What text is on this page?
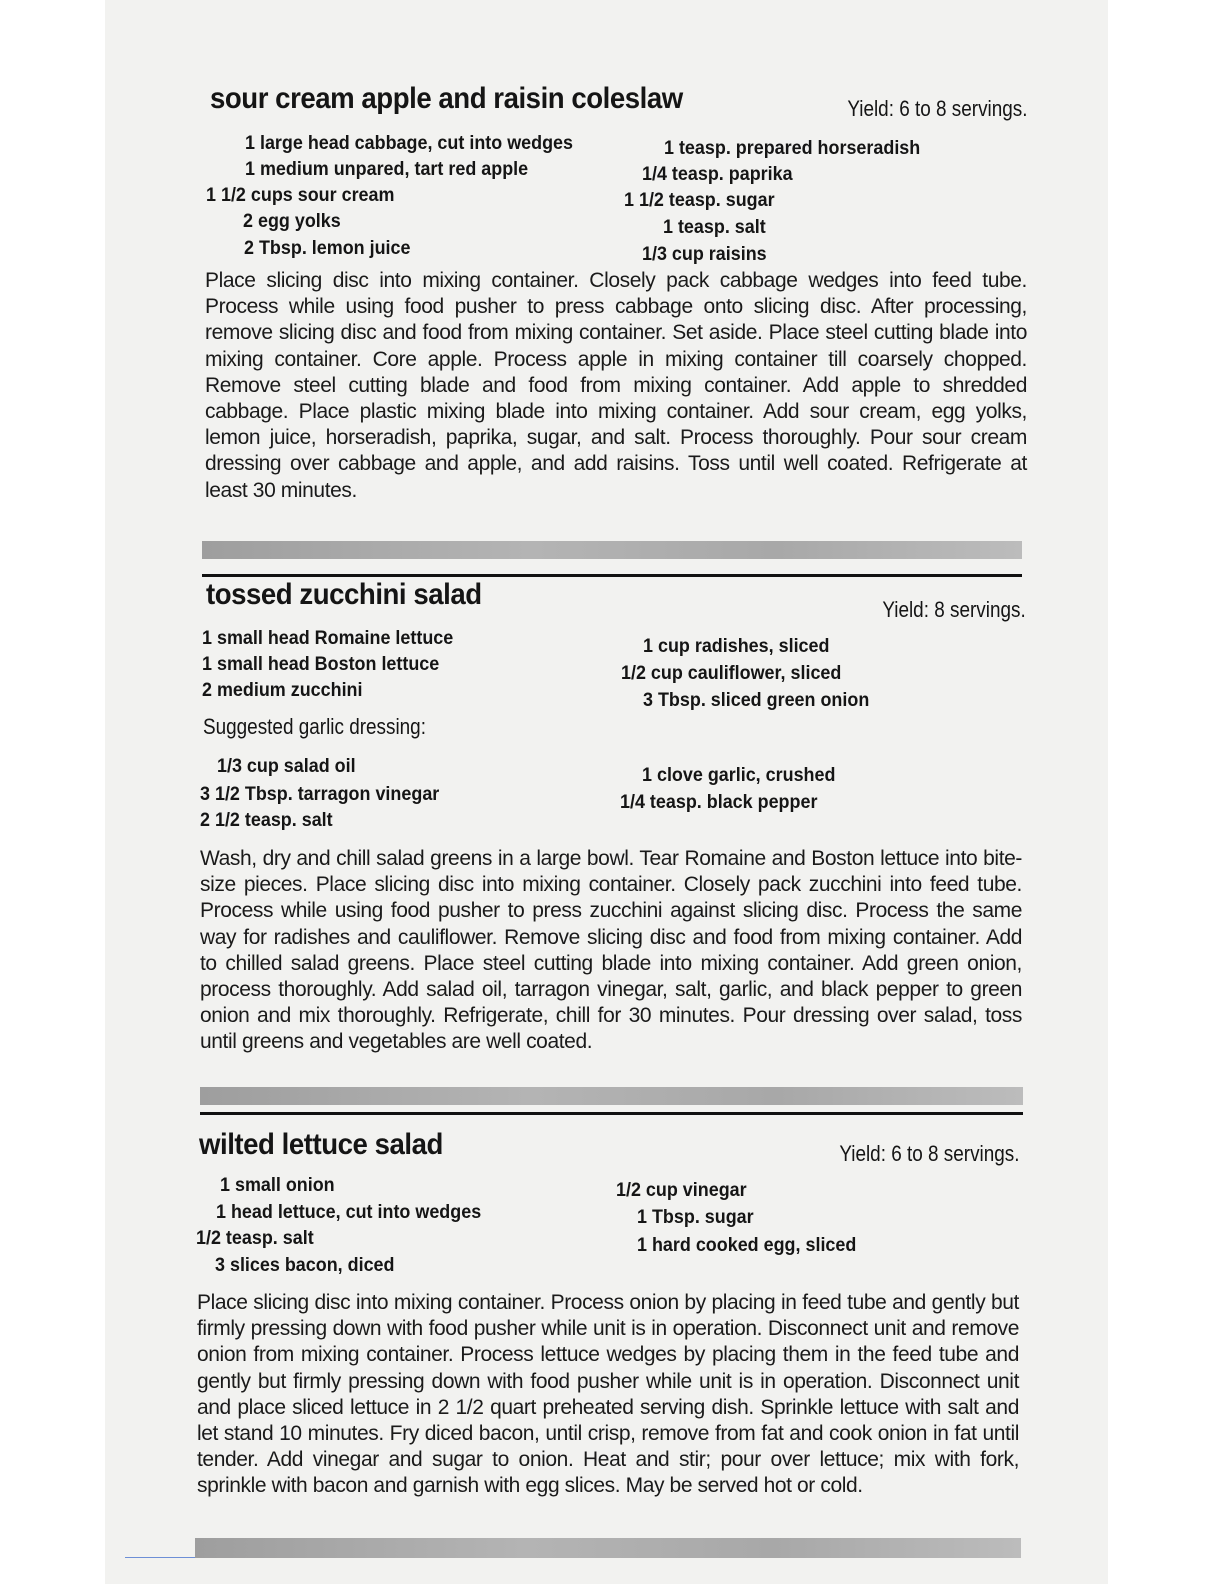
sour cream apple and raisin coleslaw	Yield: 6 to 8 servings.
1 large head cabbage, cut into wedges
1 medium unpared, tart red apple
1 1/2 cups sour cream
2 egg yolks
2 Tbsp. lemon juice
1 teasp. prepared horseradish
1/4 teasp. paprika
1 1/2 teasp. sugar
1 teasp. salt
1/3 cup raisins

Place slicing disc into mixing container. Closely pack cabbage wedges into feed tube. Process while using food pusher to press cabbage onto slicing disc. After processing, remove slicing disc and food from mixing container. Set aside. Place steel cutting blade into mixing container. Core apple. Process apple in mixing container till coarsely chopped. Remove steel cutting blade and food from mixing container. Add apple to shredded cabbage. Place plastic mixing blade into mixing container. Add sour cream, egg yolks, lemon juice, horseradish, paprika, sugar, and salt. Process thoroughly. Pour sour cream dressing over cabbage and apple, and add raisins. Toss until well coated. Refrigerate at least 30 minutes.

tossed zucchini salad	Yield: 8 servings.
1 small head Romaine lettuce
1 small head Boston lettuce
2 medium zucchini
1 cup radishes, sliced
1/2 cup cauliflower, sliced
3 Tbsp. sliced green onion
Suggested garlic dressing:
1/3 cup salad oil
3 1/2 Tbsp. tarragon vinegar
2 1/2 teasp. salt
1 clove garlic, crushed
1/4 teasp. black pepper

Wash, dry and chill salad greens in a large bowl. Tear Romaine and Boston lettuce into bite-size pieces. Place slicing disc into mixing container. Closely pack zucchini into feed tube. Process while using food pusher to press zucchini against slicing disc. Process the same way for radishes and cauliflower. Remove slicing disc and food from mixing container. Add to chilled salad greens. Place steel cutting blade into mixing container. Add green onion, process thoroughly. Add salad oil, tarragon vinegar, salt, garlic, and black pepper to green onion and mix thoroughly. Refrigerate, chill for 30 minutes. Pour dressing over salad, toss until greens and vegetables are well coated.

wilted lettuce salad	Yield: 6 to 8 servings.
1 small onion
1 head lettuce, cut into wedges
1/2 teasp. salt
3 slices bacon, diced
1/2 cup vinegar
1 Tbsp. sugar
1 hard cooked egg, sliced

Place slicing disc into mixing container. Process onion by placing in feed tube and gently but firmly pressing down with food pusher while unit is in operation. Disconnect unit and remove onion from mixing container. Process lettuce wedges by placing them in the feed tube and gently but firmly pressing down with food pusher while unit is in operation. Disconnect unit and place sliced lettuce in 2 1/2 quart preheated serving dish. Sprinkle lettuce with salt and let stand 10 minutes. Fry diced bacon, until crisp, remove from fat and cook onion in fat until tender. Add vinegar and sugar to onion. Heat and stir; pour over lettuce; mix with fork, sprinkle with bacon and garnish with egg slices. May be served hot or cold.
